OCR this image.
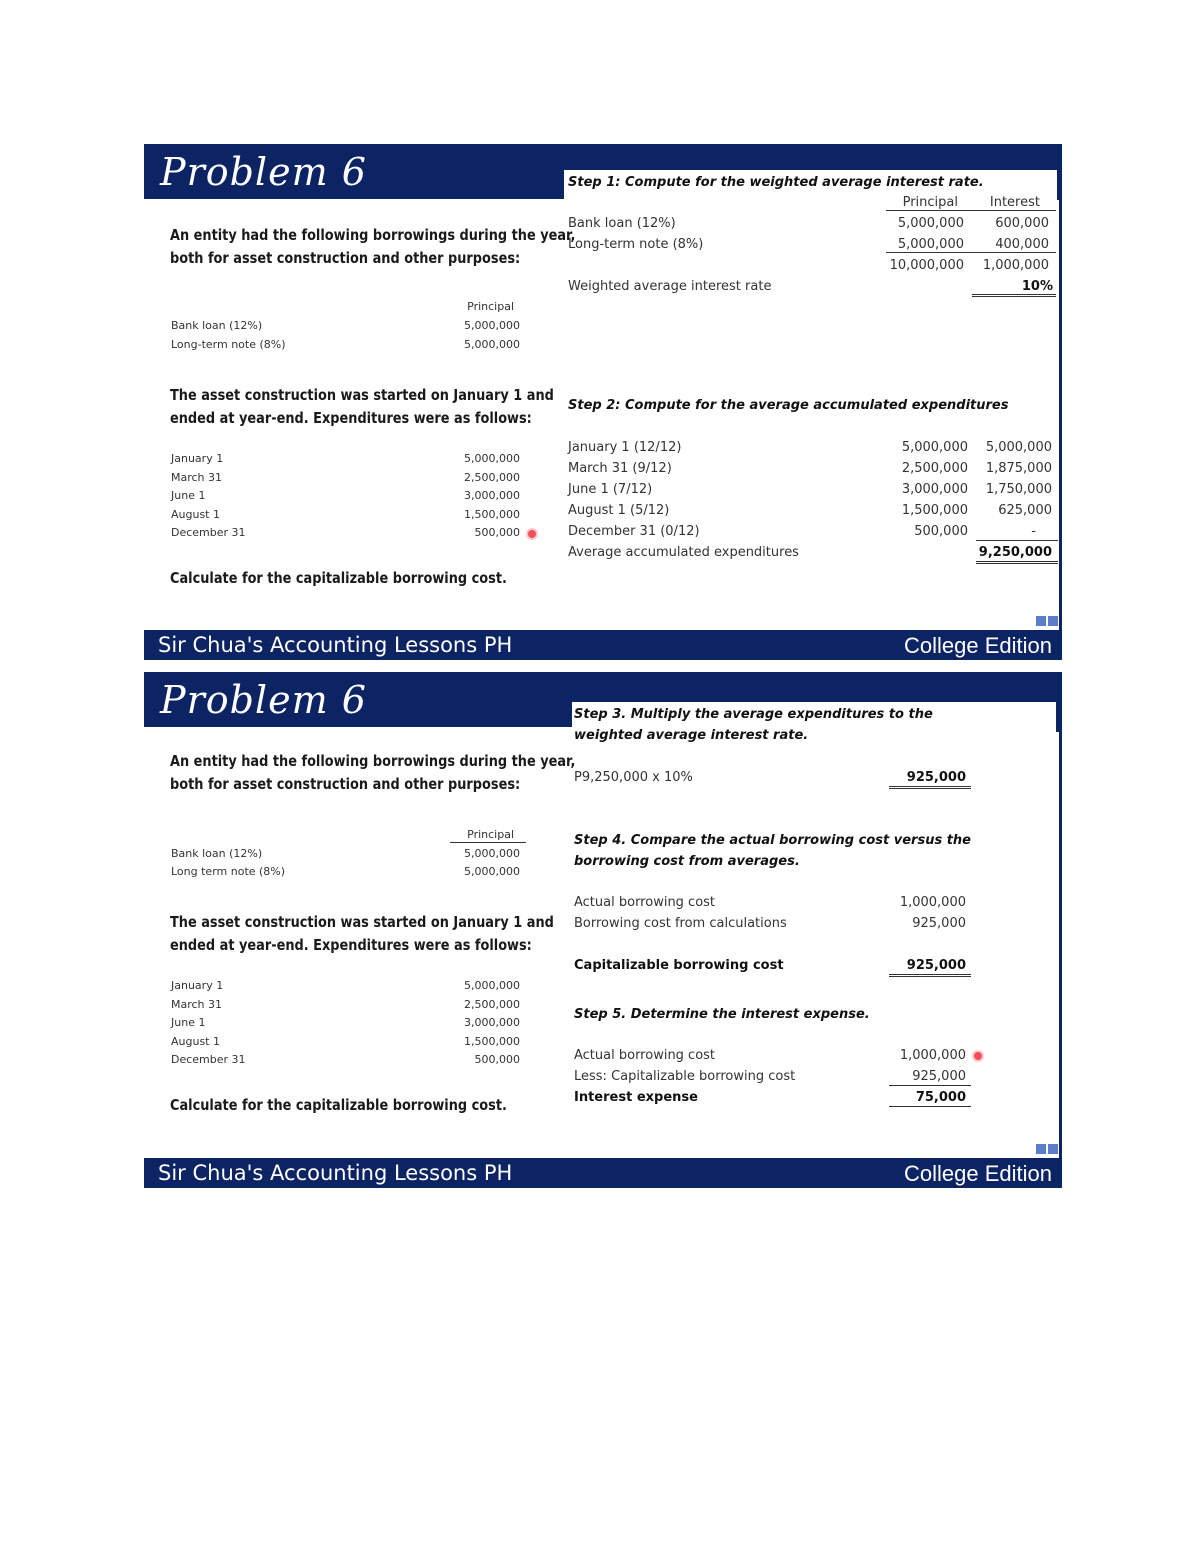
Problem 6
An entity had the following borrowings during the year,
both for asset construction and other purposes:
Principal
Bank loan (12%)	5,000,000
Long-term note (8%)	5,000,000
The asset construction was started on January 1 and
ended at year-end. Expenditures were as follows:
January 1	5,000,000
March 31	2,500,000
June 1	3,000,000
August 1	1,500,000
December 31	500,000
Calculate for the capitalizable borrowing cost.
Step 1: Compute for the weighted average interest rate.
Principal	Interest
Bank loan (12%)	5,000,000	600,000
Long-term note (8%)	5,000,000	400,000
10,000,000	1,000,000
Weighted average interest rate	10%
Step 2: Compute for the average accumulated expenditures
January 1 (12/12)	5,000,000	5,000,000
March 31 (9/12)	2,500,000	1,875,000
June 1 (7/12)	3,000,000	1,750,000
August 1 (5/12)	1,500,000	625,000
December 31 (0/12)	500,000	-
Average accumulated expenditures	9,250,000
Sir Chua's Accounting Lessons PH	College Edition
Problem 6
An entity had the following borrowings during the year,
both for asset construction and other purposes:
Principal
Bank loan (12%)	5,000,000
Long term note (8%)	5,000,000
The asset construction was started on January 1 and
ended at year-end. Expenditures were as follows:
January 1	5,000,000
March 31	2,500,000
June 1	3,000,000
August 1	1,500,000
December 31	500,000
Calculate for the capitalizable borrowing cost.
Step 3. Multiply the average expenditures to the
weighted average interest rate.
P9,250,000 x 10%	925,000
Step 4. Compare the actual borrowing cost versus the
borrowing cost from averages.
Actual borrowing cost	1,000,000
Borrowing cost from calculations	925,000
Capitalizable borrowing cost	925,000
Step 5. Determine the interest expense.
Actual borrowing cost	1,000,000
Less: Capitalizable borrowing cost	925,000
Interest expense	75,000
Sir Chua's Accounting Lessons PH	College Edition
